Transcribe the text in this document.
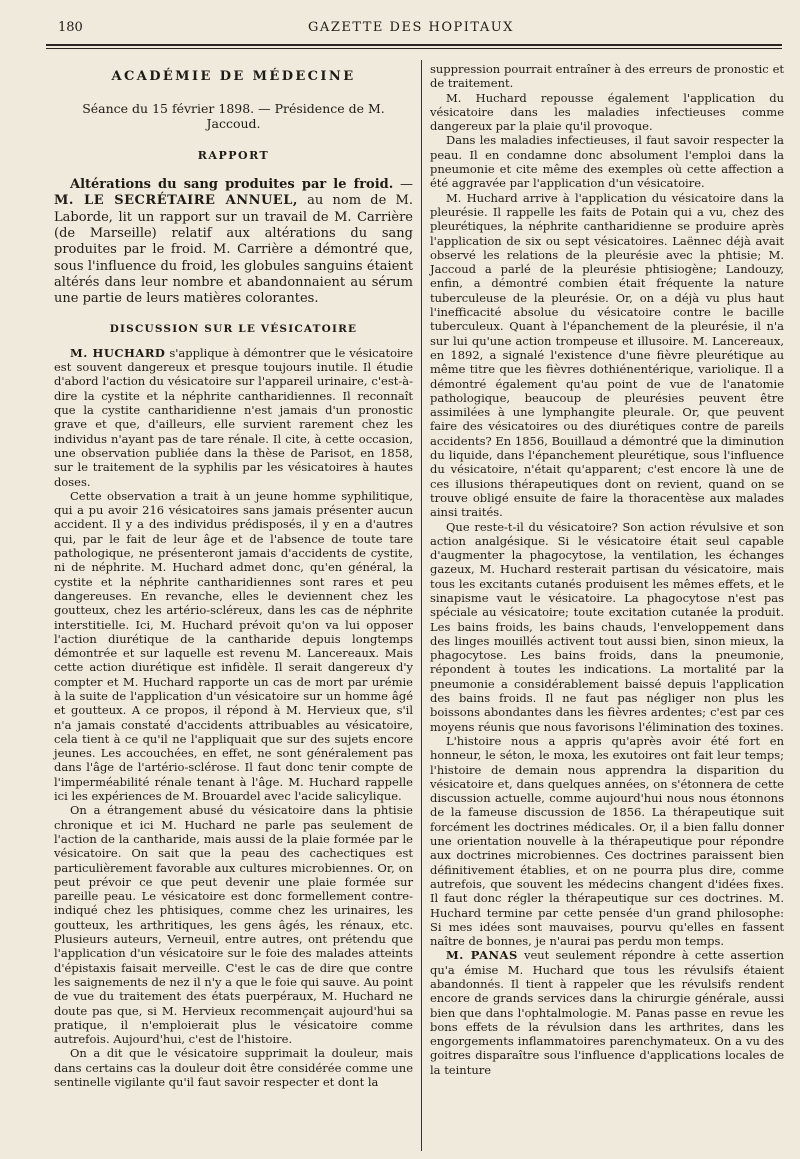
180	GAZETTE DES HOPITAUX
ACADÉMIE DE MÉDECINE
Séance du 15 février 1898. — Présidence de M. Jaccoud.
RAPPORT

Altérations du sang produites par le froid. — M. LE SECRÉTAIRE ANNUEL, au nom de M. Laborde, lit un rapport sur un travail de M. Carrière (de Marseille) relatif aux altérations du sang produites par le froid. M. Carrière a démontré que, sous l'influence du froid, les globules sanguins étaient altérés dans leur nombre et abandonnaient au sérum une partie de leurs matières colorantes.

DISCUSSION SUR LE VÉSICATOIRE

M. HUCHARD s'applique à démontrer que le vésicatoire est souvent dangereux et presque toujours inutile. Il étudie d'abord l'action du vésicatoire sur l'appareil urinaire, c'est-à-dire la cystite et la néphrite cantharidiennes. Il reconnaît que la cystite cantharidienne n'est jamais d'un pronostic grave et que, d'ailleurs, elle survient rarement chez les individus n'ayant pas de tare rénale. Il cite, à cette occasion, une observation publiée dans la thèse de Parisot, en 1858, sur le traitement de la syphilis par les vésicatoires à hautes doses.

Cette observation a trait à un jeune homme syphilitique, qui a pu avoir 216 vésicatoires sans jamais présenter aucun accident. Il y a des individus prédisposés, il y en a d'autres qui, par le fait de leur âge et de l'absence de toute tare pathologique, ne présenteront jamais d'accidents de cystite, ni de néphrite. M. Huchard admet donc, qu'en général, la cystite et la néphrite cantharidiennes sont rares et peu dangereuses. En revanche, elles le deviennent chez les goutteux, chez les artério-scléreux, dans les cas de néphrite interstitielle. Ici, M. Huchard prévoit qu'on va lui opposer l'action diurétique de la cantharide depuis longtemps démontrée et sur laquelle est revenu M. Lancereaux. Mais cette action diurétique est infidèle. Il serait dangereux d'y compter et M. Huchard rapporte un cas de mort par urémie à la suite de l'application d'un vésicatoire sur un homme âgé et goutteux. A ce propos, il répond à M. Hervieux que, s'il n'a jamais constaté d'accidents attribuables au vésicatoire, cela tient à ce qu'il ne l'appliquait que sur des sujets encore jeunes. Les accouchées, en effet, ne sont généralement pas dans l'âge de l'artério-sclérose. Il faut donc tenir compte de l'imperméabilité rénale tenant à l'âge. M. Huchard rappelle ici les expériences de M. Brouardel avec l'acide salicylique.

On a étrangement abusé du vésicatoire dans la phtisie chronique et ici M. Huchard ne parle pas seulement de l'action de la cantharide, mais aussi de la plaie formée par le vésicatoire. On sait que la peau des cachectiques est particulièrement favorable aux cultures microbiennes. Or, on peut prévoir ce que peut devenir une plaie formée sur pareille peau. Le vésicatoire est donc formellement contre-indiqué chez les phtisiques, comme chez les urinaires, les goutteux, les arthritiques, les gens âgés, les rénaux, etc. Plusieurs auteurs, Verneuil, entre autres, ont prétendu que l'application d'un vésicatoire sur le foie des malades atteints d'épistaxis faisait merveille. C'est le cas de dire que contre les saignements de nez il n'y a que le foie qui sauve. Au point de vue du traitement des états puerpéraux, M. Huchard ne doute pas que, si M. Hervieux recommençait aujourd'hui sa pratique, il n'emploierait plus le vésicatoire comme autrefois. Aujourd'hui, c'est de l'histoire.

On a dit que le vésicatoire supprimait la douleur, mais dans certains cas la douleur doit être considérée comme une sentinelle vigilante qu'il faut savoir respecter et dont la

suppression pourrait entraîner à des erreurs de pronostic et de traitement.

M. Huchard repousse également l'application du vésicatoire dans les maladies infectieuses comme dangereux par la plaie qu'il provoque.

Dans les maladies infectieuses, il faut savoir respecter la peau. Il en condamne donc absolument l'emploi dans la pneumonie et cite même des exemples où cette affection a été aggravée par l'application d'un vésicatoire.

M. Huchard arrive à l'application du vésicatoire dans la pleurésie. Il rappelle les faits de Potain qui a vu, chez des pleurétiques, la néphrite cantharidienne se produire après l'application de six ou sept vésicatoires. Laënnec déjà avait observé les relations de la pleurésie avec la phtisie; M. Jaccoud a parlé de la pleurésie phtisiogène; Landouzy, enfin, a démontré combien était fréquente la nature tuberculeuse de la pleurésie. Or, on a déjà vu plus haut l'inefficacité absolue du vésicatoire contre le bacille tuberculeux. Quant à l'épanchement de la pleurésie, il n'a sur lui qu'une action trompeuse et illusoire. M. Lancereaux, en 1892, a signalé l'existence d'une fièvre pleurétique au même titre que les fièvres dothiénentérique, variolique. Il a démontré également qu'au point de vue de l'anatomie pathologique, beaucoup de pleurésies peuvent être assimilées à une lymphangite pleurale. Or, que peuvent faire des vésicatoires ou des diurétiques contre de pareils accidents? En 1856, Bouillaud a démontré que la diminution du liquide, dans l'épanchement pleurétique, sous l'influence du vésicatoire, n'était qu'apparent; c'est encore là une de ces illusions thérapeutiques dont on revient, quand on se trouve obligé ensuite de faire la thoracentèse aux malades ainsi traités.

Que reste-t-il du vésicatoire? Son action révulsive et son action analgésique. Si le vésicatoire était seul capable d'augmenter la phagocytose, la ventilation, les échanges gazeux, M. Huchard resterait partisan du vésicatoire, mais tous les excitants cutanés produisent les mêmes effets, et le sinapisme vaut le vésicatoire. La phagocytose n'est pas spéciale au vésicatoire; toute excitation cutanée la produit. Les bains froids, les bains chauds, l'enveloppement dans des linges mouillés activent tout aussi bien, sinon mieux, la phagocytose. Les bains froids, dans la pneumonie, répondent à toutes les indications. La mortalité par la pneumonie a considérablement baissé depuis l'application des bains froids. Il ne faut pas négliger non plus les boissons abondantes dans les fièvres ardentes; c'est par ces moyens réunis que nous favorisons l'élimination des toxines.

L'histoire nous a appris qu'après avoir été fort en honneur, le séton, le moxa, les exutoires ont fait leur temps; l'histoire de demain nous apprendra la disparition du vésicatoire et, dans quelques années, on s'étonnera de cette discussion actuelle, comme aujourd'hui nous nous étonnons de la fameuse discussion de 1856. La thérapeutique suit forcément les doctrines médicales. Or, il a bien fallu donner une orientation nouvelle à la thérapeutique pour répondre aux doctrines microbiennes. Ces doctrines paraissent bien définitivement établies, et on ne pourra plus dire, comme autrefois, que souvent les médecins changent d'idées fixes. Il faut donc régler la thérapeutique sur ces doctrines. M. Huchard termine par cette pensée d'un grand philosophe: Si mes idées sont mauvaises, pourvu qu'elles en fassent naître de bonnes, je n'aurai pas perdu mon temps.

M. PANAS veut seulement répondre à cette assertion qu'a émise M. Huchard que tous les révulsifs étaient abandonnés. Il tient à rappeler que les révulsifs rendent encore de grands services dans la chirurgie générale, aussi bien que dans l'ophtalmologie. M. Panas passe en revue les bons effets de la révulsion dans les arthrites, dans les engorgements inflammatoires parenchymateux. On a vu des goitres disparaître sous l'influence d'applications locales de la teinture
